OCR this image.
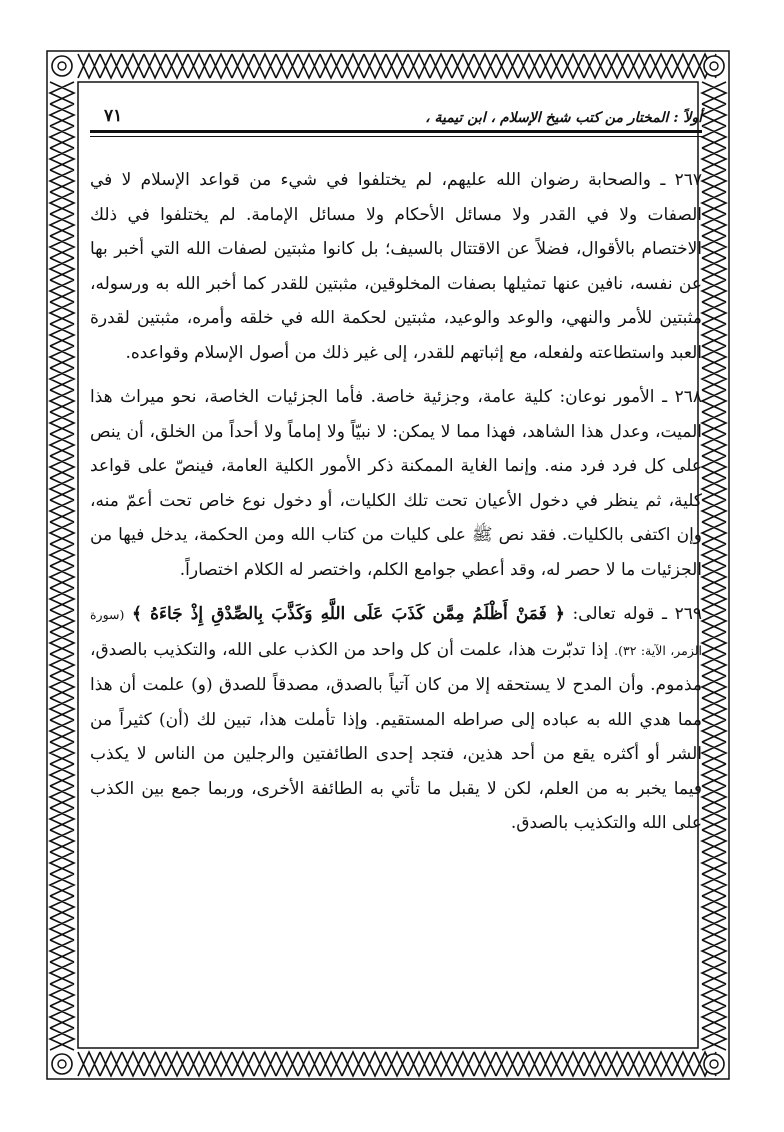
أولاً : المختار من كتب شيخ الإسلام ، ابن تيمية ،
٧١

٢٦٧ ـ والصحابة رضوان الله عليهم، لم يختلفوا في شيء من قواعد الإسلام لا في الصفات ولا في القدر ولا مسائل الأحكام ولا مسائل الإمامة. لم يختلفوا في ذلك الاختصام بالأقوال، فضلاً عن الاقتتال بالسيف؛ بل كانوا مثبتين لصفات الله التي أخبر بها عن نفسه، نافين عنها تمثيلها بصفات المخلوقين، مثبتين للقدر كما أخبر الله به ورسوله، مثبتين للأمر والنهي، والوعد والوعيد، مثبتين لحكمة الله في خلقه وأمره، مثبتين لقدرة العبد واستطاعته ولفعله، مع إثباتهم للقدر، إلى غير ذلك من أصول الإسلام وقواعده.

٢٦٨ ـ الأمور نوعان: كلية عامة، وجزئية خاصة. فأما الجزئيات الخاصة، نحو ميراث هذا الميت، وعدل هذا الشاهد، فهذا مما لا يمكن: لا نبيّاً ولا إماماً ولا أحداً من الخلق، أن ينص على كل فرد فرد منه. وإنما الغاية الممكنة ذكر الأمور الكلية العامة، فينصّ على قواعد كلية، ثم ينظر في دخول الأعيان تحت تلك الكليات، أو دخول نوع خاص تحت أعمّ منه، وإن اكتفى بالكليات. فقد نص ﷺ على كليات من كتاب الله ومن الحكمة، يدخل فيها من الجزئيات ما لا حصر له، وقد أعطي جوامع الكلم، واختصر له الكلام اختصاراً.

٢٦٩ ـ قوله تعالى: ﴿ فَمَنْ أَظْلَمُ مِمَّن كَذَبَ عَلَى اللَّهِ وَكَذَّبَ بِالصِّدْقِ إِذْ جَاءَهُ ﴾ (سورة الزمر، الآية: ٣٢). إذا تدبّرت هذا، علمت أن كل واحد من الكذب على الله، والتكذيب بالصدق، مذموم. وأن المدح لا يستحقه إلا من كان آتياً بالصدق، مصدقاً للصدق (و) علمت أن هذا مما هدي الله به عباده إلى صراطه المستقيم. وإذا تأملت هذا، تبين لك (أن) كثيراً من الشر أو أكثره يقع من أحد هذين، فتجد إحدى الطائفتين والرجلين من الناس لا يكذب فيما يخبر به من العلم، لكن لا يقبل ما تأتي به الطائفة الأخرى، وربما جمع بين الكذب على الله والتكذيب بالصدق.
